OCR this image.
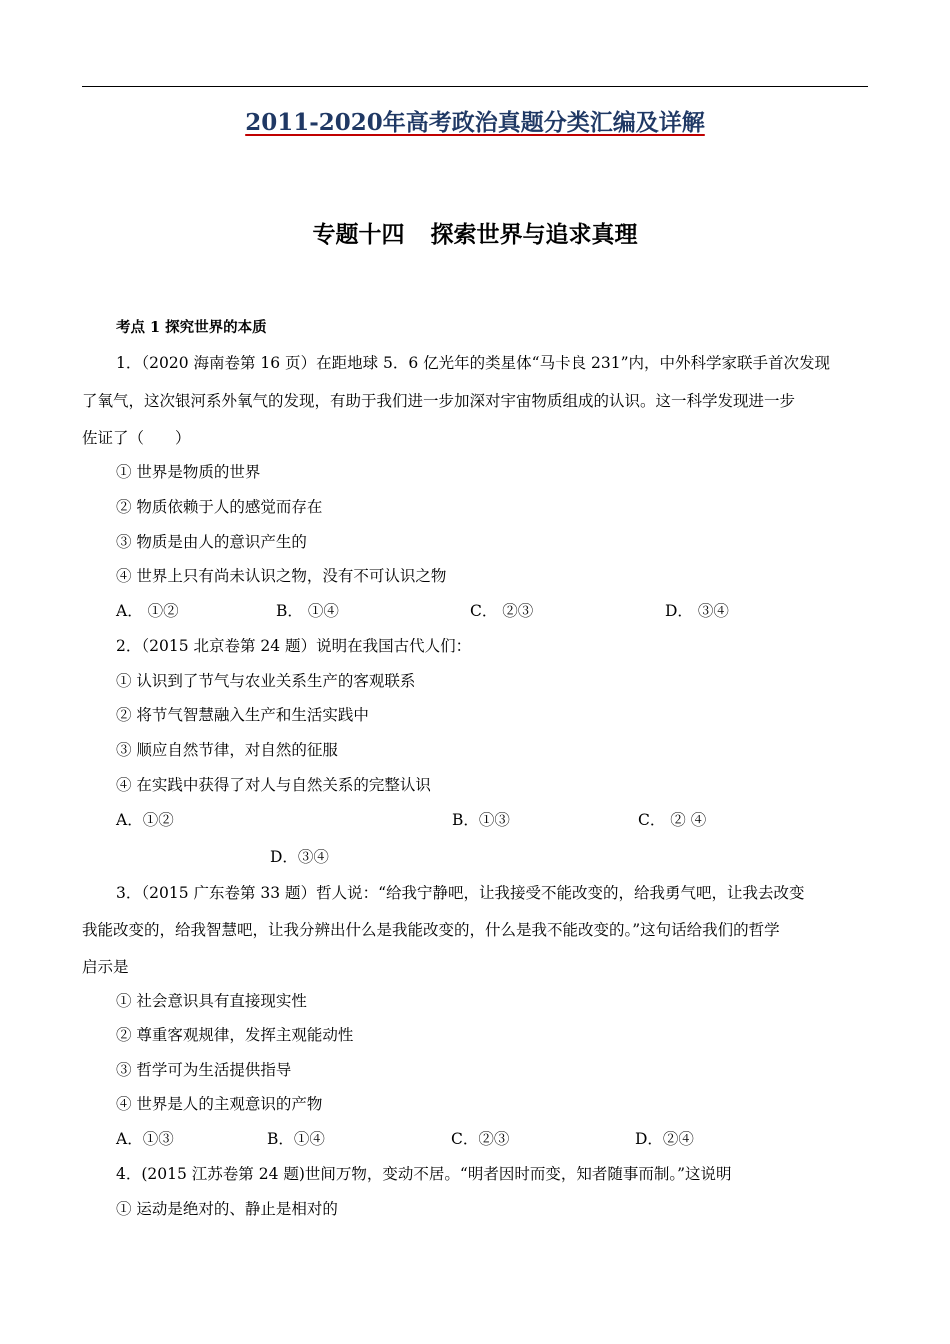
2011-2020年高考政治真题分类汇编及详解
专题十四 探索世界与追求真理
考点 1 探究世界的本质
1．（2020 海南卷第 16 页）在距地球 5．6 亿光年的类星体“马卡良 231”内，中外科学家联手首次发现
了氧气，这次银河系外氧气的发现，有助于我们进一步加深对宇宙物质组成的认识。这一科学发现进一步
佐证了（　　）
① 世界是物质的世界
② 物质依赖于人的感觉而存在
③ 物质是由人的意识产生的
④ 世界上只有尚未认识之物，没有不可认识之物
A． ①②	B． ①④	C． ②③	D． ③④
2．（2015 北京卷第 24 题）说明在我国古代人们：
① 认识到了节气与农业关系生产的客观联系
② 将节气智慧融入生产和生活实践中
③ 顺应自然节律，对自然的征服
④ 在实践中获得了对人与自然关系的完整认识
A．①②	B．①③	C． ② ④
D．③④
3．（2015 广东卷第 33 题）哲人说：“给我宁静吧，让我接受不能改变的，给我勇气吧，让我去改变
我能改变的，给我智慧吧，让我分辨出什么是我能改变的，什么是我不能改变的。”这句话给我们的哲学
启示是
① 社会意识具有直接现实性
② 尊重客观规律，发挥主观能动性
③ 哲学可为生活提供指导
④ 世界是人的主观意识的产物
A．①③	B．①④	C．②③	D．②④
4．(2015 江苏卷第 24 题)世间万物，变动不居。“明者因时而变，知者随事而制。”这说明
① 运动是绝对的、静止是相对的
